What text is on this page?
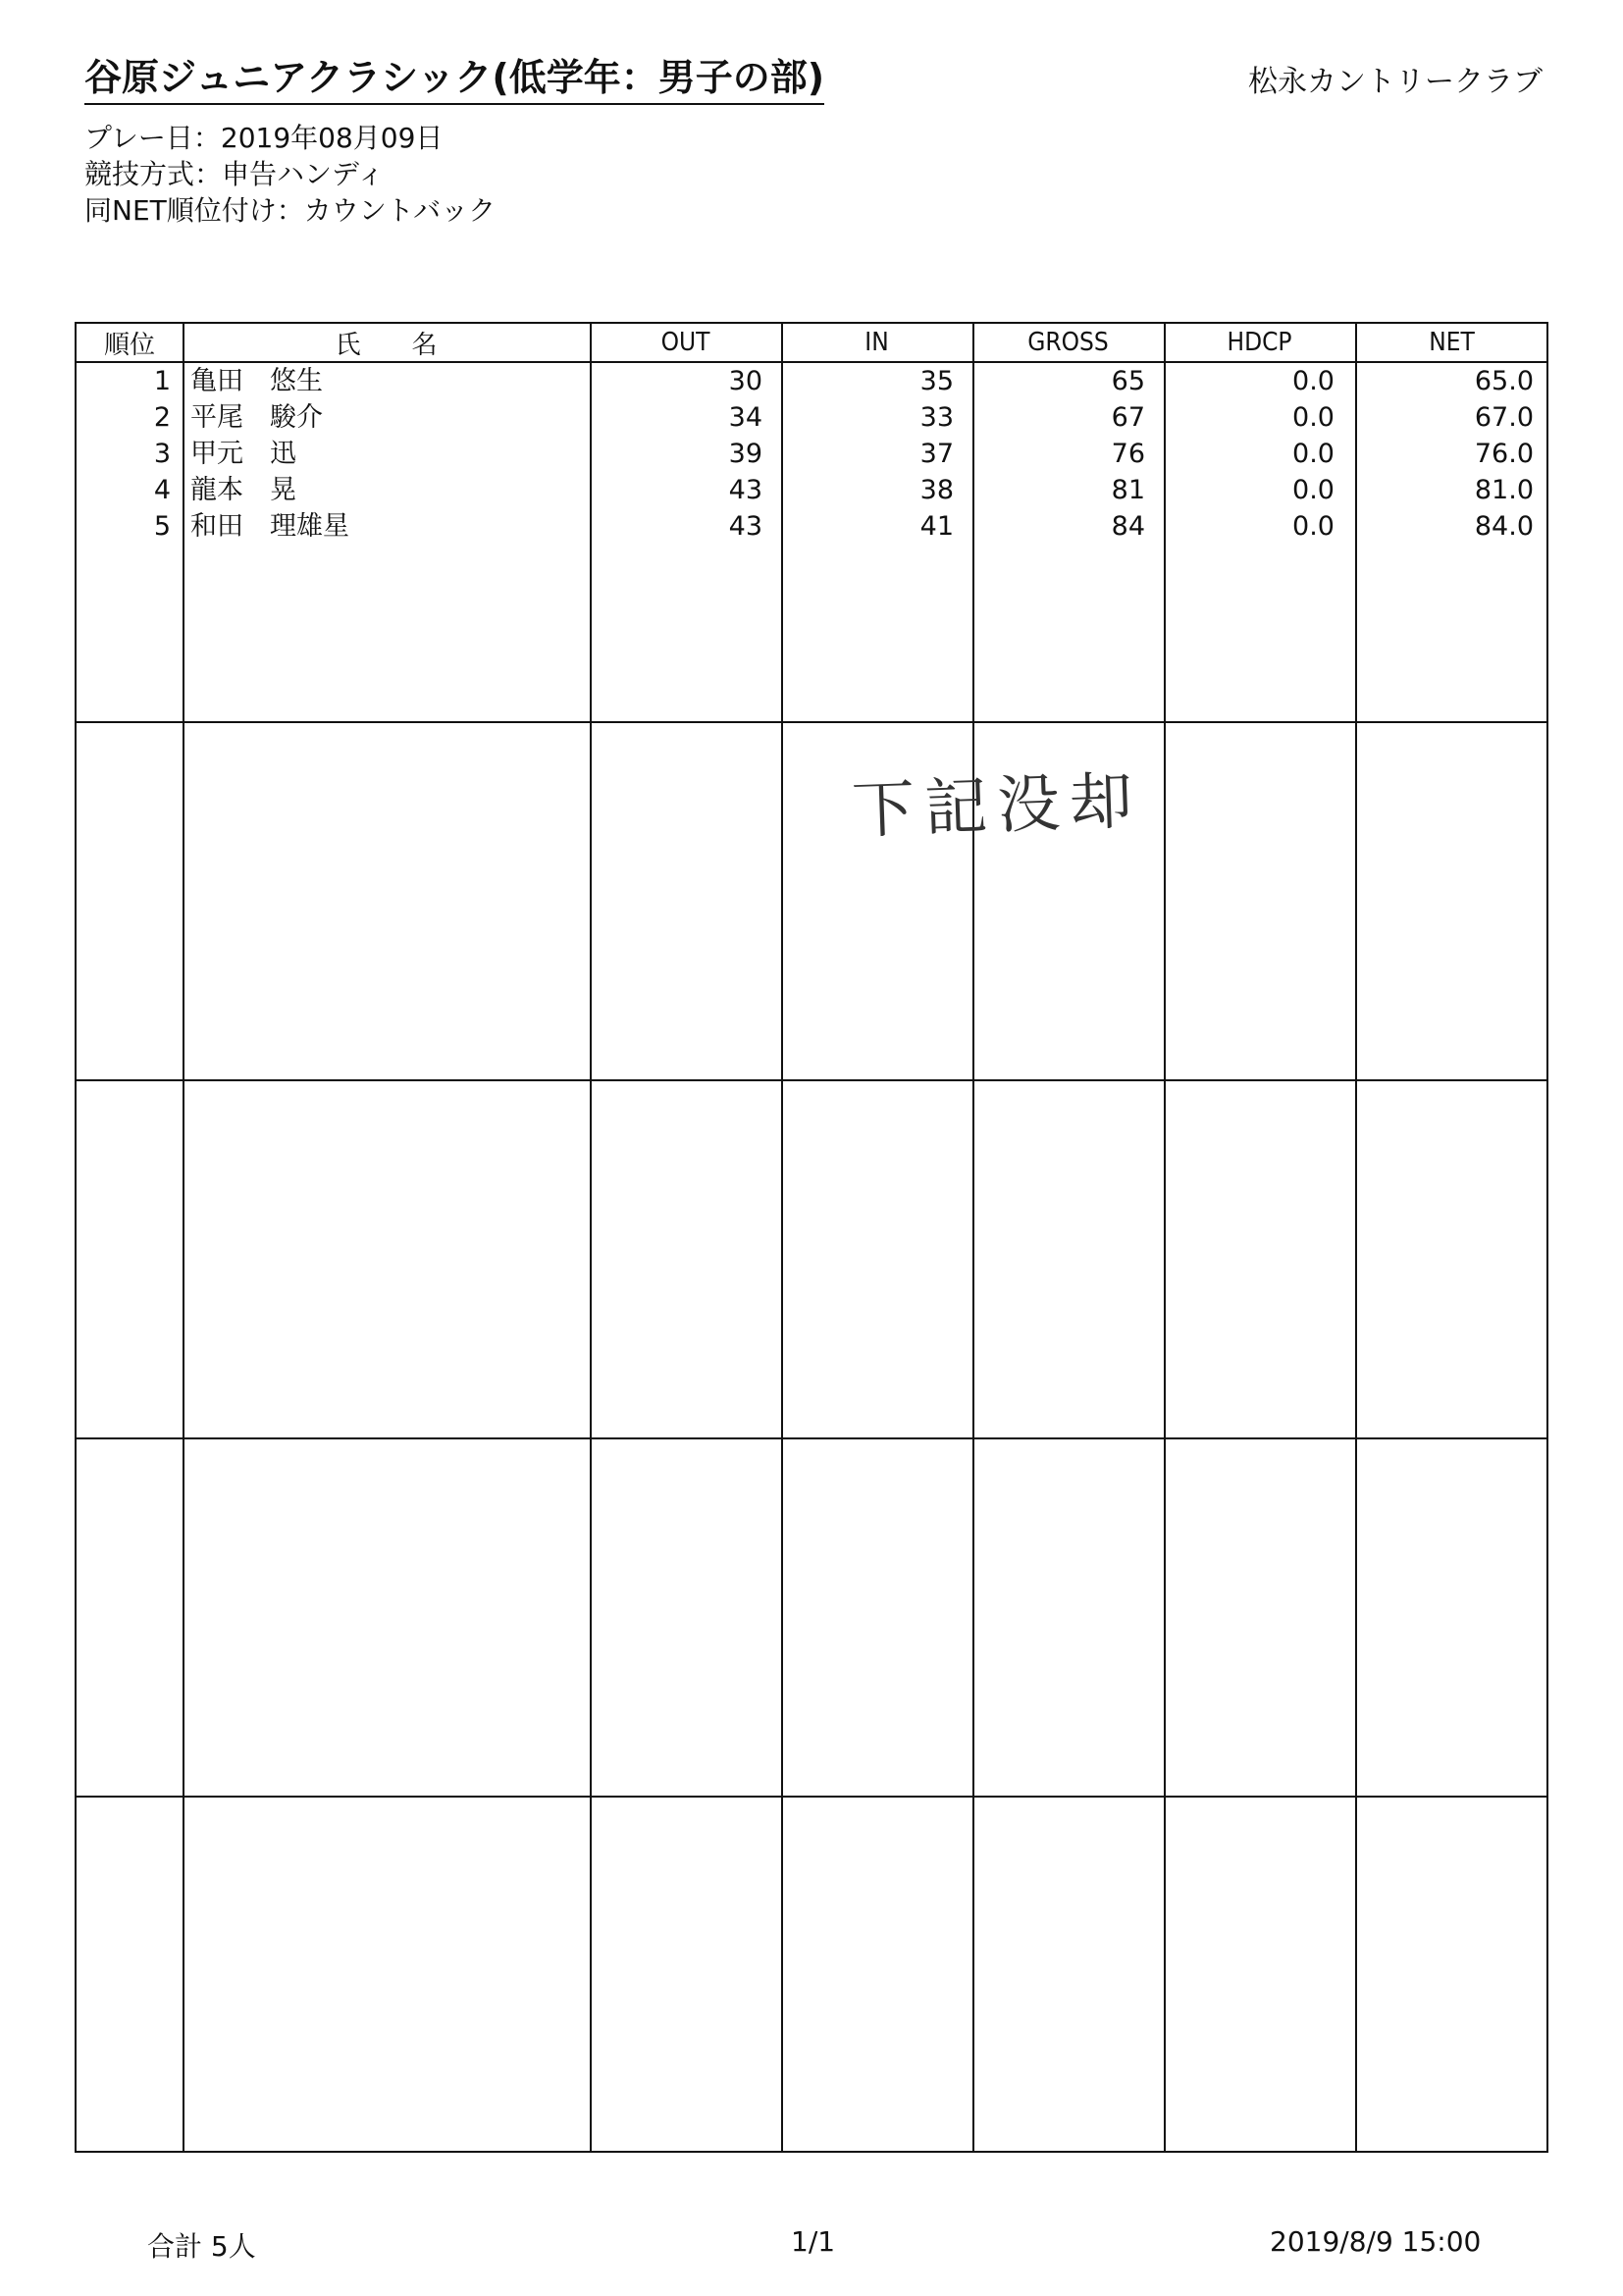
谷原ジュニアクラシック(低学年：男子の部)	松永カントリークラブ
プレー日：2019年08月09日
競技方式：申告ハンディ
同NET順位付け：カウントバック
順位	氏　　名	OUT	IN	GROSS	HDCP	NET
1 亀田　悠生	30	35	65	0.0	65.0
2 平尾　駿介	34	33	67	0.0	67.0
3 甲元　迅	39	37	76	0.0	76.0
4 龍本　晃	43	38	81	0.0	81.0
5 和田　理雄星	43	41	84	0.0	84.0
下記没却
合計 5人	1/1	2019/8/9 15:00
